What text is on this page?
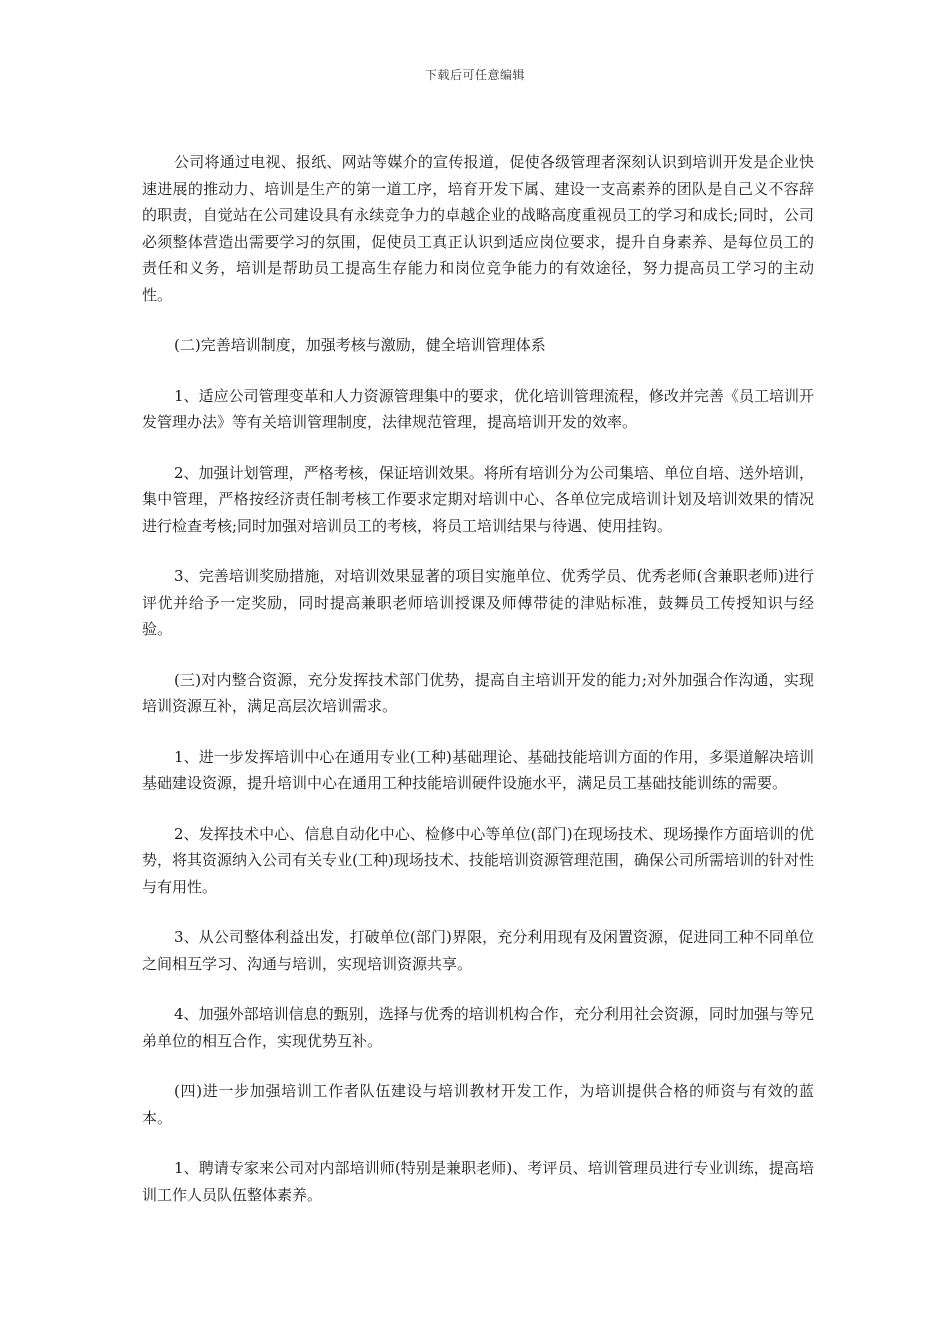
下载后可任意编辑

公司将通过电视、报纸、网站等媒介的宣传报道，促使各级管理者深刻认识到培训开发是企业快速进展的推动力、培训是生产的第一道工序，培育开发下属、建设一支高素养的团队是自己义不容辞的职责，自觉站在公司建设具有永续竞争力的卓越企业的战略高度重视员工的学习和成长;同时，公司必须整体营造出需要学习的氛围，促使员工真正认识到适应岗位要求，提升自身素养、是每位员工的责任和义务，培训是帮助员工提高生存能力和岗位竞争能力的有效途径，努力提高员工学习的主动性。

(二)完善培训制度，加强考核与激励，健全培训管理体系

1、适应公司管理变革和人力资源管理集中的要求，优化培训管理流程，修改并完善《员工培训开发管理办法》等有关培训管理制度，法律规范管理，提高培训开发的效率。

2、加强计划管理，严格考核，保证培训效果。将所有培训分为公司集培、单位自培、送外培训，集中管理，严格按经济责任制考核工作要求定期对培训中心、各单位完成培训计划及培训效果的情况进行检查考核;同时加强对培训员工的考核，将员工培训结果与待遇、使用挂钩。

3、完善培训奖励措施，对培训效果显著的项目实施单位、优秀学员、优秀老师(含兼职老师)进行评优并给予一定奖励，同时提高兼职老师培训授课及师傅带徒的津贴标准，鼓舞员工传授知识与经验。

(三)对内整合资源，充分发挥技术部门优势，提高自主培训开发的能力;对外加强合作沟通，实现培训资源互补，满足高层次培训需求。

1、进一步发挥培训中心在通用专业(工种)基础理论、基础技能培训方面的作用，多渠道解决培训基础建设资源，提升培训中心在通用工种技能培训硬件设施水平，满足员工基础技能训练的需要。

2、发挥技术中心、信息自动化中心、检修中心等单位(部门)在现场技术、现场操作方面培训的优势，将其资源纳入公司有关专业(工种)现场技术、技能培训资源管理范围，确保公司所需培训的针对性与有用性。

3、从公司整体利益出发，打破单位(部门)界限，充分利用现有及闲置资源，促进同工种不同单位之间相互学习、沟通与培训，实现培训资源共享。

4、加强外部培训信息的甄别，选择与优秀的培训机构合作，充分利用社会资源，同时加强与等兄弟单位的相互合作，实现优势互补。

(四)进一步加强培训工作者队伍建设与培训教材开发工作，为培训提供合格的师资与有效的蓝本。

1、聘请专家来公司对内部培训师(特别是兼职老师)、考评员、培训管理员进行专业训练，提高培训工作人员队伍整体素养。
